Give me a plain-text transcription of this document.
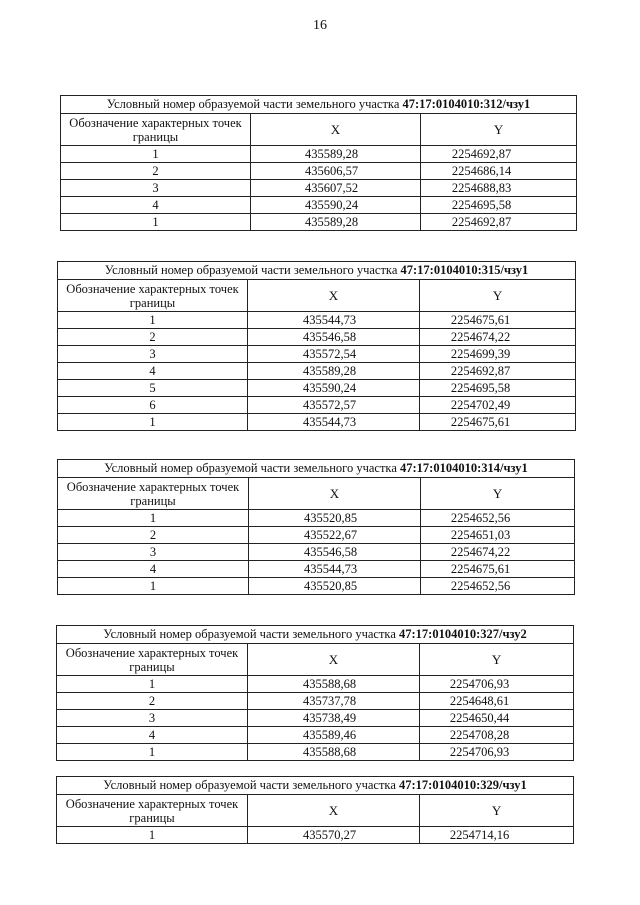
16
Условный номер образуемой части земельного участка 47:17:0104010:312/чзу1		
Обозначение характерных точек границы	X	Y
1	435589,28	2254692,87
2	435606,57	2254686,14
3	435607,52	2254688,83
4	435590,24	2254695,58
1	435589,28	2254692,87
Условный номер образуемой части земельного участка 47:17:0104010:315/чзу1		
Обозначение характерных точек границы	X	Y
1	435544,73	2254675,61
2	435546,58	2254674,22
3	435572,54	2254699,39
4	435589,28	2254692,87
5	435590,24	2254695,58
6	435572,57	2254702,49
1	435544,73	2254675,61
Условный номер образуемой части земельного участка 47:17:0104010:314/чзу1		
Обозначение характерных точек границы	X	Y
1	435520,85	2254652,56
2	435522,67	2254651,03
3	435546,58	2254674,22
4	435544,73	2254675,61
1	435520,85	2254652,56
Условный номер образуемой части земельного участка 47:17:0104010:327/чзу2		
Обозначение характерных точек границы	X	Y
1	435588,68	2254706,93
2	435737,78	2254648,61
3	435738,49	2254650,44
4	435589,46	2254708,28
1	435588,68	2254706,93
Условный номер образуемой части земельного участка 47:17:0104010:329/чзу1		
Обозначение характерных точек границы	X	Y
1	435570,27	2254714,16
